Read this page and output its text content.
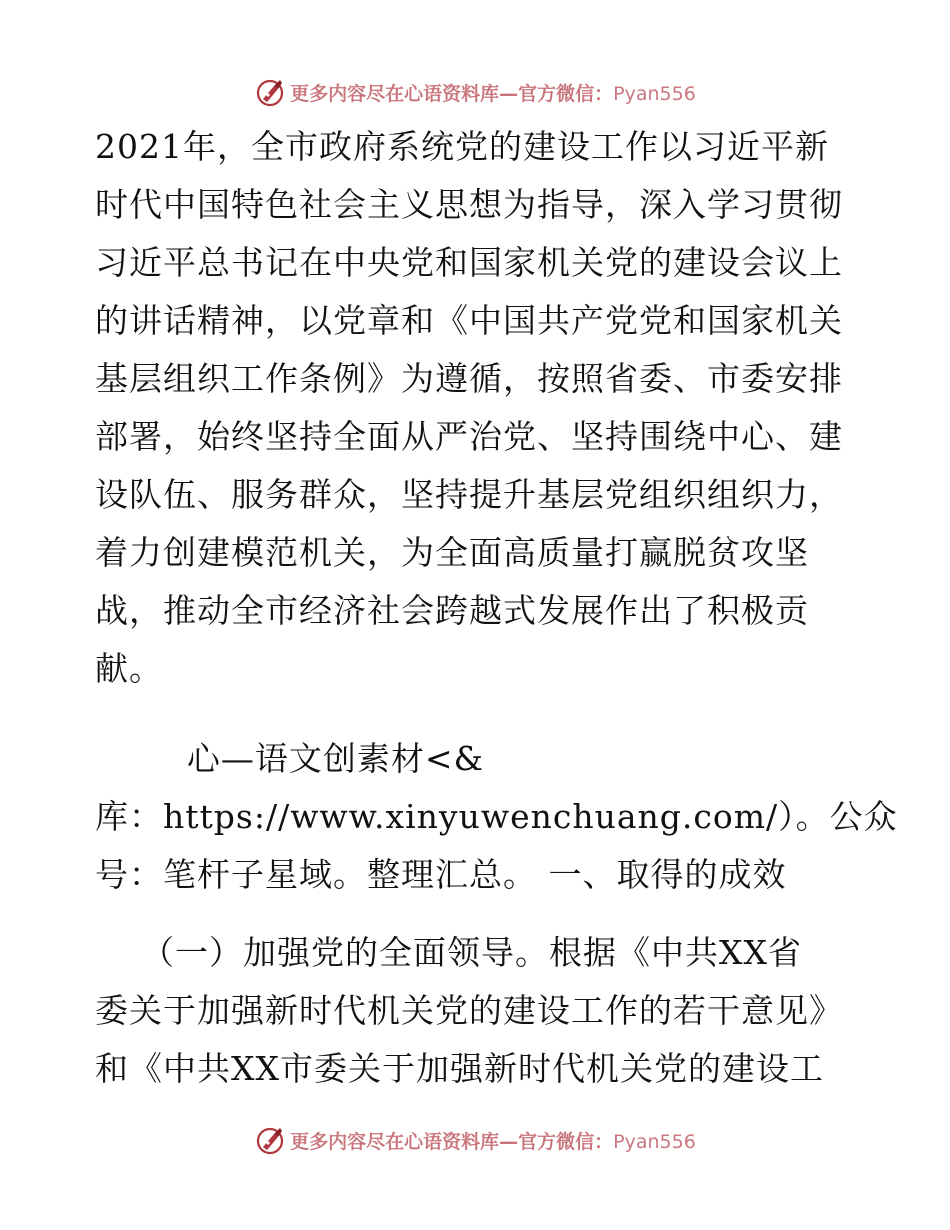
更多内容尽在心语资料库—官方微信：Pyan556
2021年，全市政府系统党的建设工作以习近平新
时代中国特色社会主义思想为指导，深入学习贯彻
习近平总书记在中央党和国家机关党的建设会议上
的讲话精神，以党章和《中国共产党党和国家机关
基层组织工作条例》为遵循，按照省委、市委安排
部署，始终坚持全面从严治党、坚持围绕中心、建
设队伍、服务群众，坚持提升基层党组织组织力，
着力创建模范机关，为全面高质量打赢脱贫攻坚
战，推动全市经济社会跨越式发展作出了积极贡
献。
心—语文创素材<&
库：https://www.xinyuwenchuang.com/）。公众
号：笔杆子星域。整理汇总。 一、取得的成效
（一）加强党的全面领导。根据《中共XX省
委关于加强新时代机关党的建设工作的若干意见》
和《中共XX市委关于加强新时代机关党的建设工
更多内容尽在心语资料库—官方微信：Pyan556
